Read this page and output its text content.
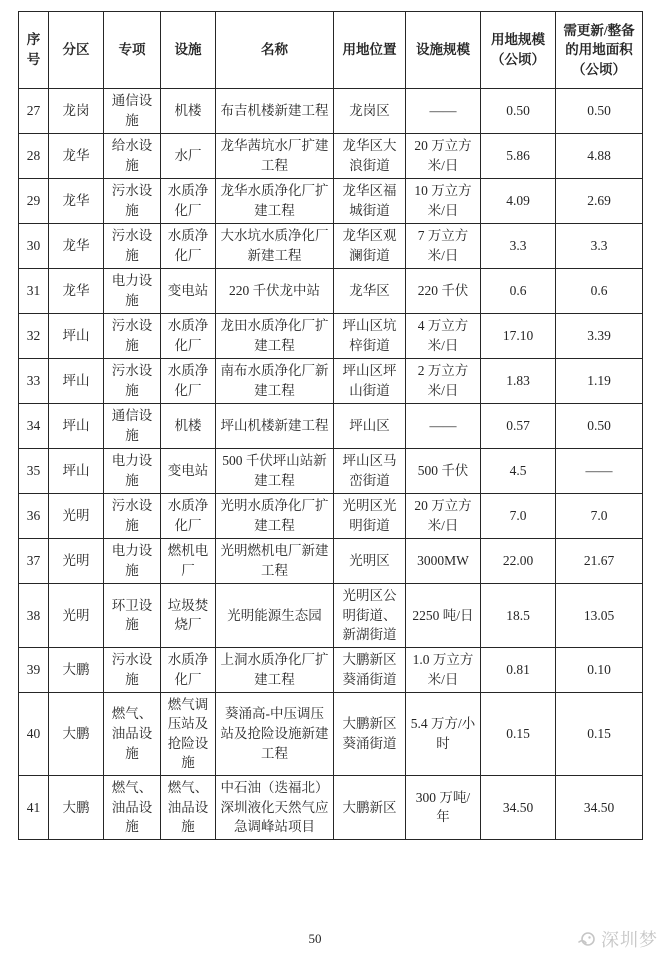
序号	分区	专项	设施	名称	用地位置	设施规模	用地规模（公顷）	需更新/整备的用地面积（公顷）
27	龙岗	通信设施	机楼	布吉机楼新建工程	龙岗区	——	0.50	0.50
28	龙华	给水设施	水厂	龙华茜坑水厂扩建工程	龙华区大浪街道	20 万立方米/日	5.86	4.88
29	龙华	污水设施	水质净化厂	龙华水质净化厂扩建工程	龙华区福城街道	10 万立方米/日	4.09	2.69
30	龙华	污水设施	水质净化厂	大水坑水质净化厂新建工程	龙华区观澜街道	7 万立方米/日	3.3	3.3
31	龙华	电力设施	变电站	220 千伏龙中站	龙华区	220 千伏	0.6	0.6
32	坪山	污水设施	水质净化厂	龙田水质净化厂扩建工程	坪山区坑梓街道	4 万立方米/日	17.10	3.39
33	坪山	污水设施	水质净化厂	南布水质净化厂新建工程	坪山区坪山街道	2 万立方米/日	1.83	1.19
34	坪山	通信设施	机楼	坪山机楼新建工程	坪山区	——	0.57	0.50
35	坪山	电力设施	变电站	500 千伏坪山站新建工程	坪山区马峦街道	500 千伏	4.5	——
36	光明	污水设施	水质净化厂	光明水质净化厂扩建工程	光明区光明街道	20 万立方米/日	7.0	7.0
37	光明	电力设施	燃机电厂	光明燃机电厂新建工程	光明区	3000MW	22.00	21.67
38	光明	环卫设施	垃圾焚烧厂	光明能源生态园	光明区公明街道、新湖街道	2250 吨/日	18.5	13.05
39	大鹏	污水设施	水质净化厂	上洞水质净化厂扩建工程	大鹏新区葵涌街道	1.0 万立方米/日	0.81	0.10
40	大鹏	燃气、油品设施	燃气调压站及抢险设施	葵涌高-中压调压站及抢险设施新建工程	大鹏新区葵涌街道	5.4 万方/小时	0.15	0.15
41	大鹏	燃气、油品设施	燃气、油品设施	中石油（迭福北）深圳液化天然气应急调峰站项目	大鹏新区	300 万吨/年	34.50	34.50
50	深圳梦
